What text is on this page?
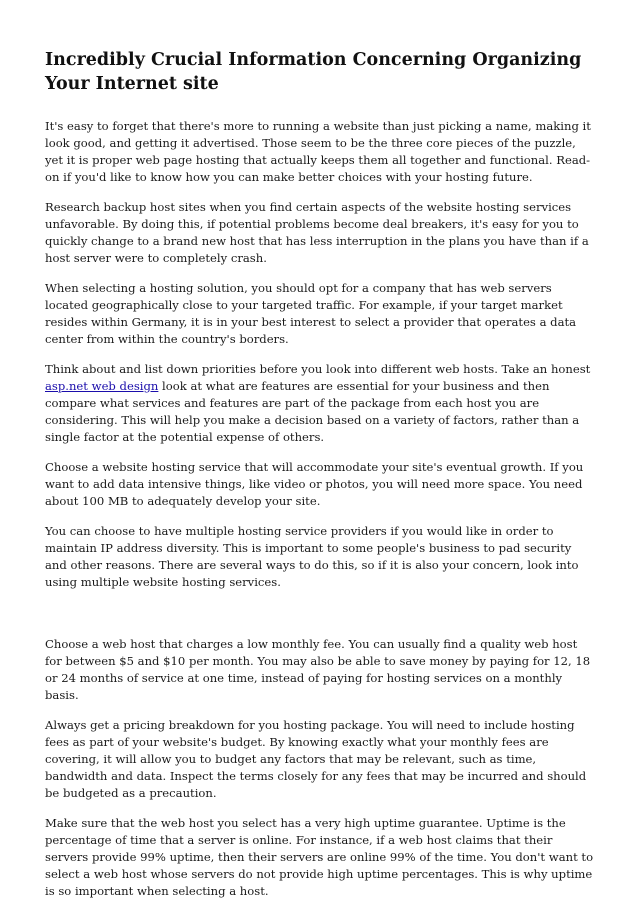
Incredibly Crucial Information Concerning Organizing Your Internet site

It's easy to forget that there's more to running a website than just picking a name, making it look good, and getting it advertised. Those seem to be the three core pieces of the puzzle, yet it is proper web page hosting that actually keeps them all together and functional. Read-on if you'd like to know how you can make better choices with your hosting future.

Research backup host sites when you find certain aspects of the website hosting services unfavorable. By doing this, if potential problems become deal breakers, it's easy for you to quickly change to a brand new host that has less interruption in the plans you have than if a host server were to completely crash.

When selecting a hosting solution, you should opt for a company that has web servers located geographically close to your targeted traffic. For example, if your target market resides within Germany, it is in your best interest to select a provider that operates a data center from within the country's borders.

Think about and list down priorities before you look into different web hosts. Take an honest asp.net web design look at what are features are essential for your business and then compare what services and features are part of the package from each host you are considering. This will help you make a decision based on a variety of factors, rather than a single factor at the potential expense of others.

Choose a website hosting service that will accommodate your site's eventual growth. If you want to add data intensive things, like video or photos, you will need more space. You need about 100 MB to adequately develop your site.

You can choose to have multiple hosting service providers if you would like in order to maintain IP address diversity. This is important to some people's business to pad security and other reasons. There are several ways to do this, so if it is also your concern, look into using multiple website hosting services.

Choose a web host that charges a low monthly fee. You can usually find a quality web host for between $5 and $10 per month. You may also be able to save money by paying for 12, 18 or 24 months of service at one time, instead of paying for hosting services on a monthly basis.

Always get a pricing breakdown for you hosting package. You will need to include hosting fees as part of your website's budget. By knowing exactly what your monthly fees are covering, it will allow you to budget any factors that may be relevant, such as time, bandwidth and data. Inspect the terms closely for any fees that may be incurred and should be budgeted as a precaution.

Make sure that the web host you select has a very high uptime guarantee. Uptime is the percentage of time that a server is online. For instance, if a web host claims that their servers provide 99% uptime, then their servers are online 99% of the time. You don't want to select a web host whose servers do not provide high uptime percentages. This is why uptime is so important when selecting a host.
